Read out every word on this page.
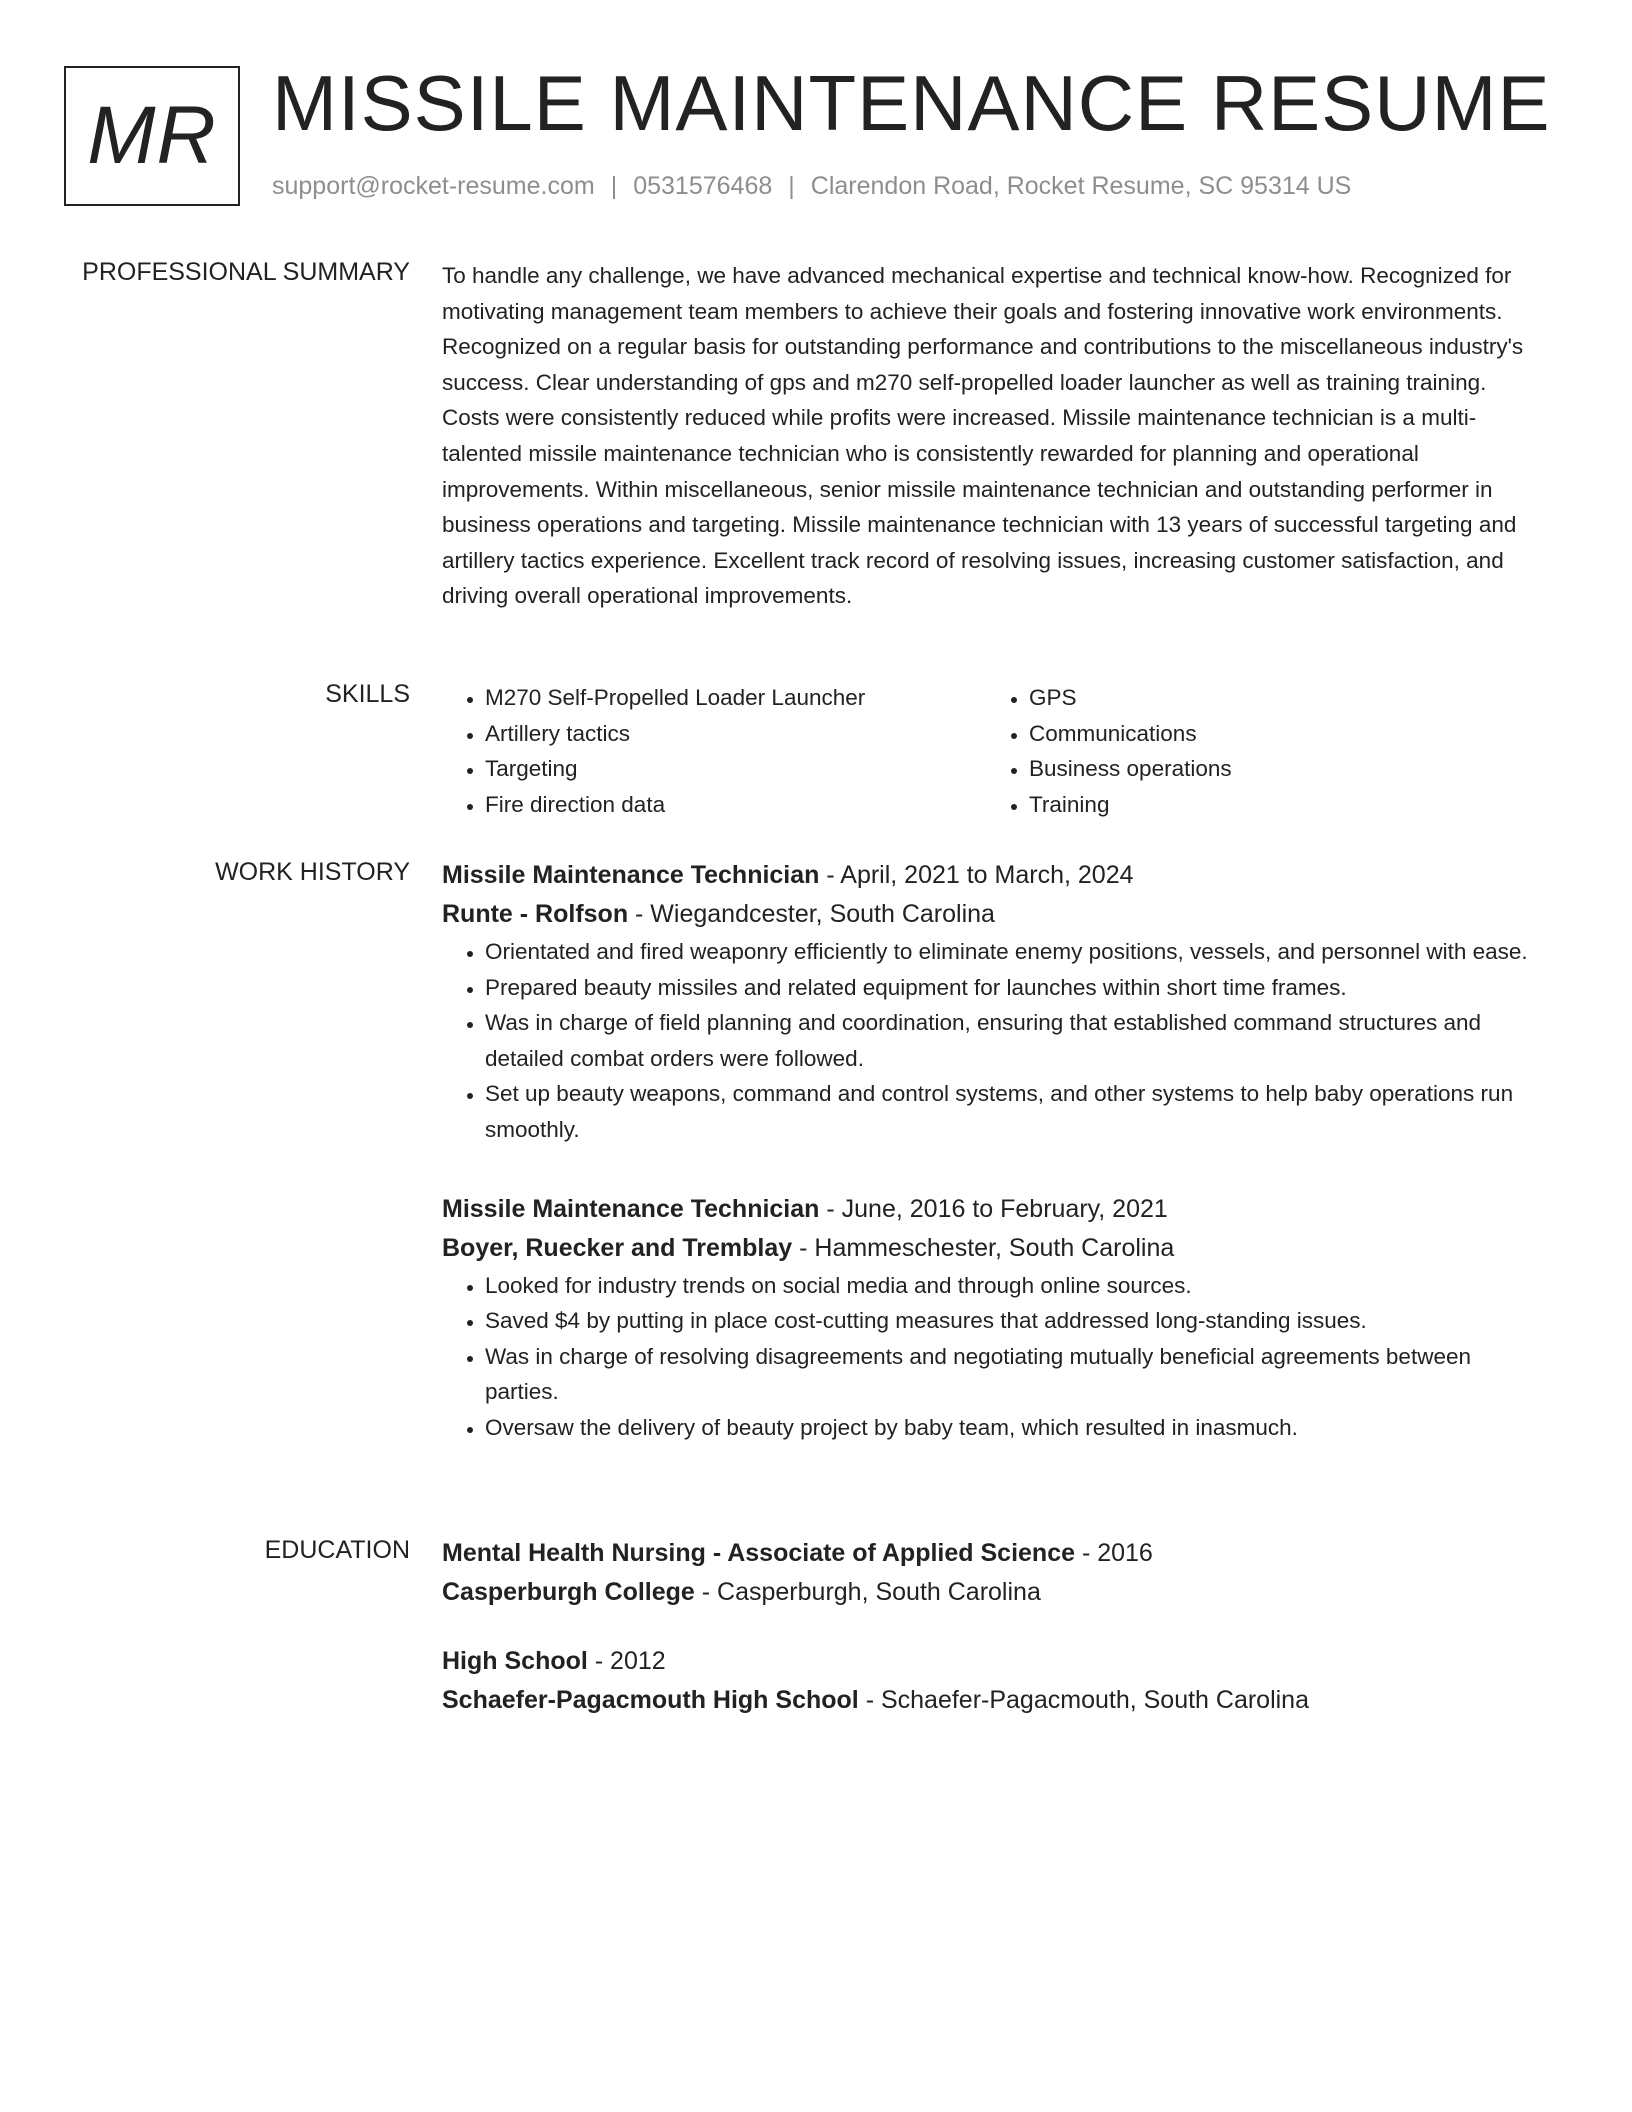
MR MISSILE MAINTENANCE RESUME
support@rocket-resume.com | 0531576468 | Clarendon Road, Rocket Resume, SC 95314 US
PROFESSIONAL SUMMARY To handle any challenge, we have advanced mechanical expertise and technical know-how. Recognized for motivating management team members to achieve their goals and fostering innovative work environments. Recognized on a regular basis for outstanding performance and contributions to the miscellaneous industry's success. Clear understanding of gps and m270 self-propelled loader launcher as well as training training. Costs were consistently reduced while profits were increased. Missile maintenance technician is a multi-talented missile maintenance technician who is consistently rewarded for planning and operational improvements. Within miscellaneous, senior missile maintenance technician and outstanding performer in business operations and targeting. Missile maintenance technician with 13 years of successful targeting and artillery tactics experience. Excellent track record of resolving issues, increasing customer satisfaction, and driving overall operational improvements.

SKILLS
•	M270 Self-Propelled Loader Launcher
• Artillery tactics
• Targeting
• Fire direction data
• GPS
• Communications
• Business operations
• Training
WORK HISTORY Missile Maintenance Technician - April, 2021 to March, 2024
Runte - Rolfson - Wiegandcester, South Carolina
• Orientated and fired weaponry efficiently to eliminate enemy positions, vessels, and personnel with ease.
• Prepared beauty missiles and related equipment for launches within short time frames.
• Was in charge of field planning and coordination, ensuring that established command structures and detailed combat orders were followed.
• Set up beauty weapons, command and control systems, and other systems to help baby operations run smoothly.
Missile Maintenance Technician - June, 2016 to February, 2021
Boyer, Ruecker and Tremblay - Hammeschester, South Carolina
• Looked for industry trends on social media and through online sources.
• Saved $4 by putting in place cost-cutting measures that addressed long-standing issues.
• Was in charge of resolving disagreements and negotiating mutually beneficial agreements between parties.
• Oversaw the delivery of beauty project by baby team, which resulted in inasmuch.
EDUCATION Mental Health Nursing - Associate of Applied Science - 2016
Casperburgh College - Casperburgh, South Carolina
High School - 2012
Schaefer-Pagacmouth High School - Schaefer-Pagacmouth, South Carolina
